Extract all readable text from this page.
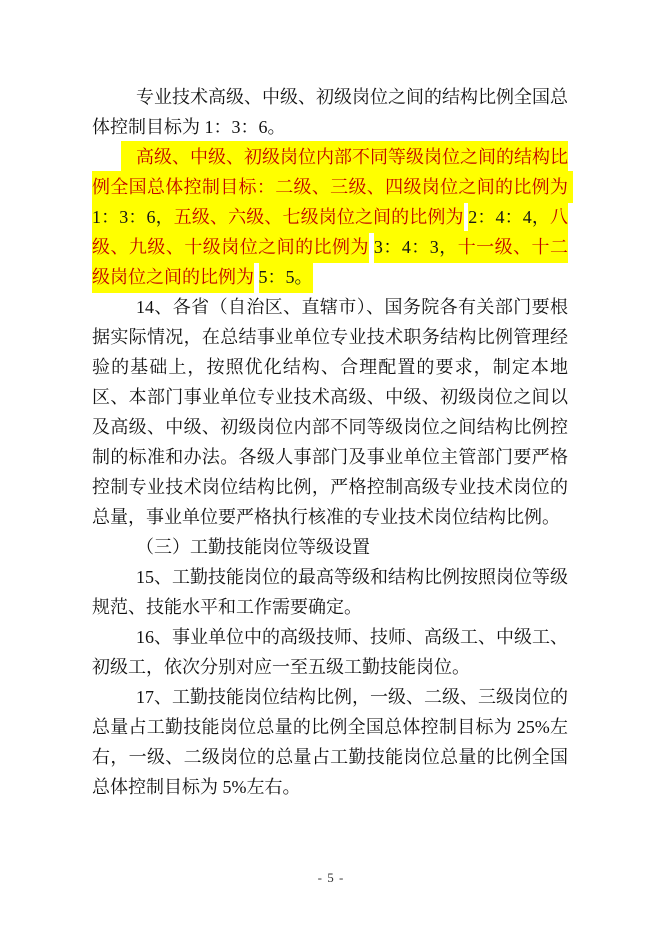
专业技术高级、中级、初级岗位之间的结构比例全国总体控制目标为 1：3：6。

高级、中级、初级岗位内部不同等级岗位之间的结构比例全国总体控制目标：二级、三级、四级岗位之间的比例为 1：3：6，五级、六级、七级岗位之间的比例为 2：4：4，八级、九级、十级岗位之间的比例为 3：4：3，十一级、十二级岗位之间的比例为 5：5。

14、各省（自治区、直辖市）、国务院各有关部门要根据实际情况，在总结事业单位专业技术职务结构比例管理经验的基础上，按照优化结构、合理配置的要求，制定本地区、本部门事业单位专业技术高级、中级、初级岗位之间以及高级、中级、初级岗位内部不同等级岗位之间结构比例控制的标准和办法。各级人事部门及事业单位主管部门要严格控制专业技术岗位结构比例，严格控制高级专业技术岗位的总量，事业单位要严格执行核准的专业技术岗位结构比例。

（三）工勤技能岗位等级设置

15、工勤技能岗位的最高等级和结构比例按照岗位等级规范、技能水平和工作需要确定。

16、事业单位中的高级技师、技师、高级工、中级工、初级工，依次分别对应一至五级工勤技能岗位。

17、工勤技能岗位结构比例，一级、二级、三级岗位的总量占工勤技能岗位总量的比例全国总体控制目标为 25%左右，一级、二级岗位的总量占工勤技能岗位总量的比例全国总体控制目标为 5%左右。

- 5 -
